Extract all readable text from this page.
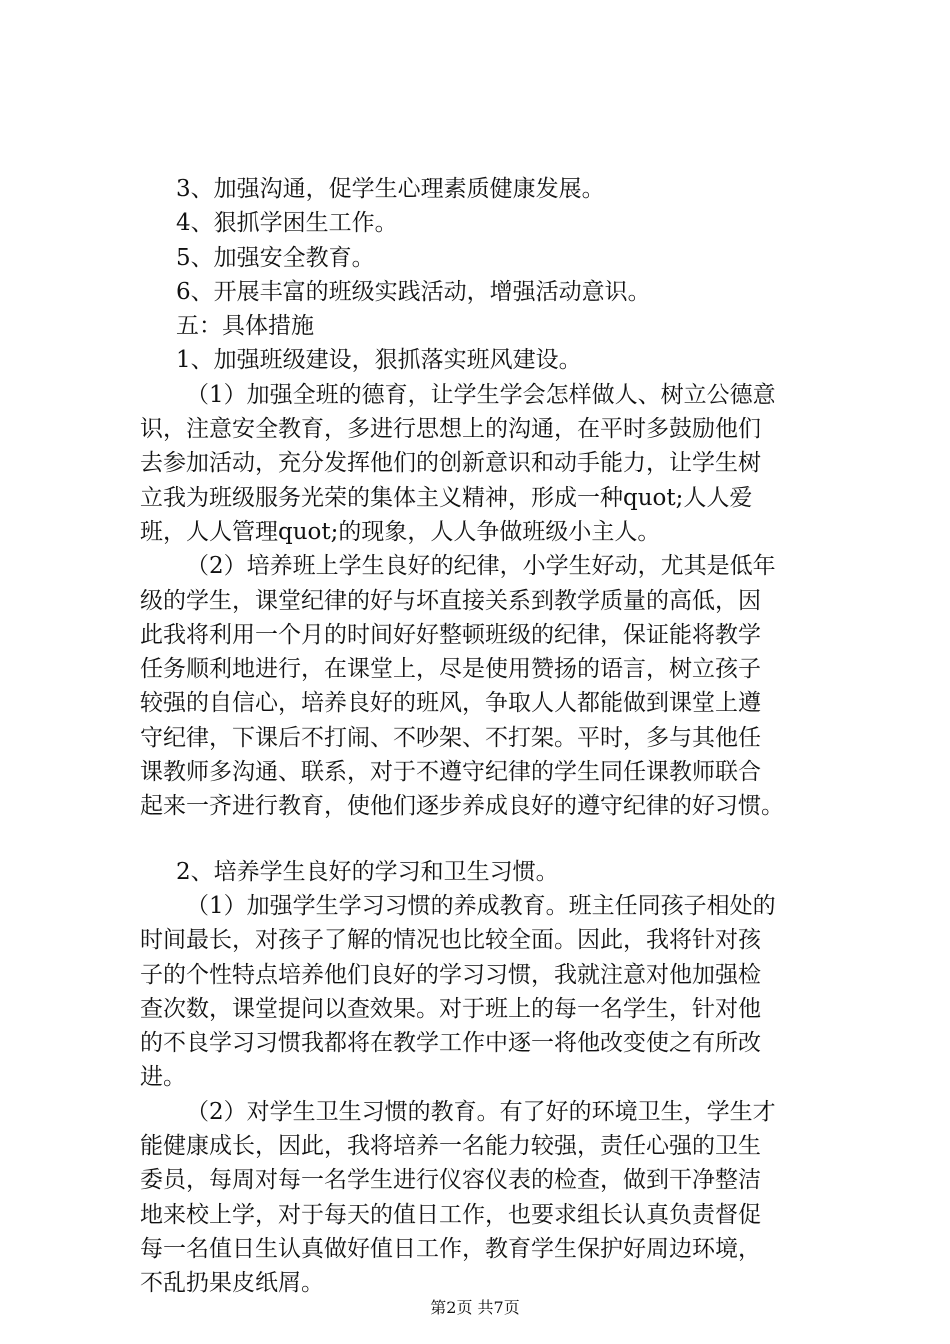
3、加强沟通，促学生心理素质健康发展。
4、狠抓学困生工作。
5、加强安全教育。
6、开展丰富的班级实践活动，增强活动意识。
五：具体措施
1、加强班级建设，狠抓落实班风建设。
（1）加强全班的德育，让学生学会怎样做人、树立公德意
识，注意安全教育，多进行思想上的沟通，在平时多鼓励他们
去参加活动，充分发挥他们的创新意识和动手能力，让学生树
立我为班级服务光荣的集体主义精神，形成一种quot;人人爱
班，人人管理quot;的现象，人人争做班级小主人。
（2）培养班上学生良好的纪律，小学生好动，尤其是低年
级的学生，课堂纪律的好与坏直接关系到教学质量的高低，因
此我将利用一个月的时间好好整顿班级的纪律，保证能将教学
任务顺利地进行，在课堂上，尽是使用赞扬的语言，树立孩子
较强的自信心，培养良好的班风，争取人人都能做到课堂上遵
守纪律，下课后不打闹、不吵架、不打架。平时，多与其他任
课教师多沟通、联系，对于不遵守纪律的学生同任课教师联合
起来一齐进行教育，使他们逐步养成良好的遵守纪律的好习惯。
2、培养学生良好的学习和卫生习惯。
（1）加强学生学习习惯的养成教育。班主任同孩子相处的
时间最长，对孩子了解的情况也比较全面。因此，我将针对孩
子的个性特点培养他们良好的学习习惯，我就注意对他加强检
查次数，课堂提问以查效果。对于班上的每一名学生，针对他
的不良学习习惯我都将在教学工作中逐一将他改变使之有所改
进。
（2）对学生卫生习惯的教育。有了好的环境卫生，学生才
能健康成长，因此，我将培养一名能力较强，责任心强的卫生
委员，每周对每一名学生进行仪容仪表的检查，做到干净整洁
地来校上学，对于每天的值日工作，也要求组长认真负责督促
每一名值日生认真做好值日工作，教育学生保护好周边环境，
不乱扔果皮纸屑。
第2页 共7页
